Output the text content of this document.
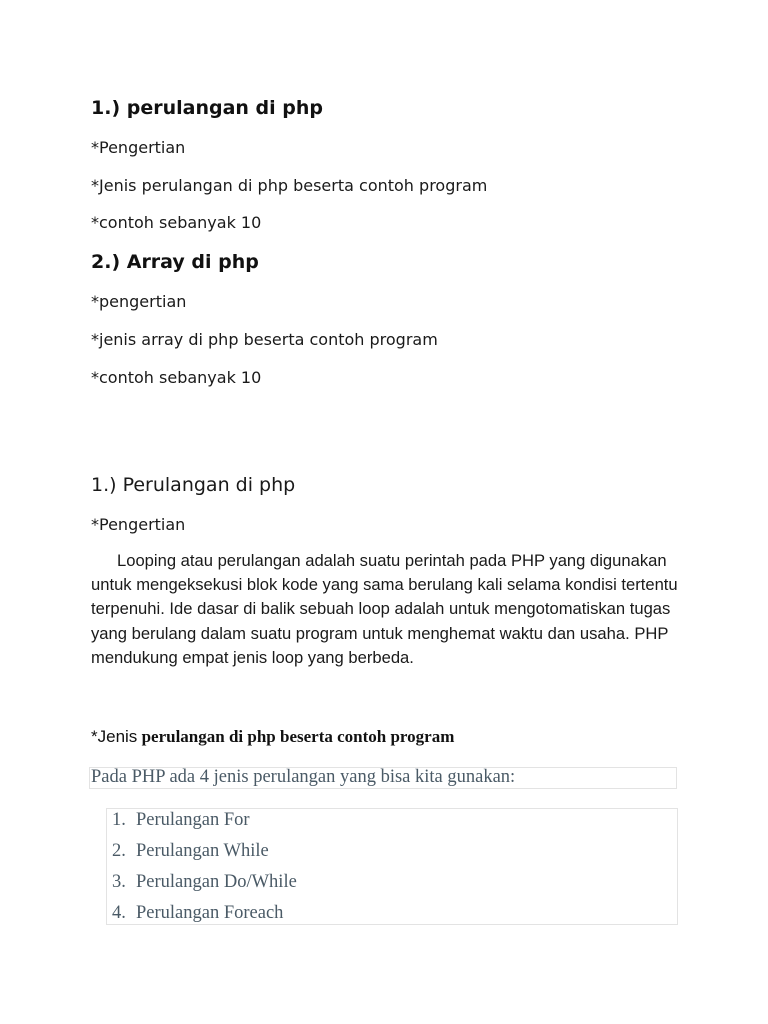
1.) perulangan di php

*Pengertian

*Jenis perulangan di php beserta contoh program

*contoh sebanyak 10

2.) Array di php

*pengertian

*jenis array di php beserta contoh program

*contoh sebanyak 10

1.) Perulangan di php

*Pengertian

Looping atau perulangan adalah suatu perintah pada PHP yang digunakan untuk mengeksekusi blok kode yang sama berulang kali selama kondisi tertentu terpenuhi. Ide dasar di balik sebuah loop adalah untuk mengotomatiskan tugas yang berulang dalam suatu program untuk menghemat waktu dan usaha. PHP mendukung empat jenis loop yang berbeda.

*Jenis perulangan di php beserta contoh program

Pada PHP ada 4 jenis perulangan yang bisa kita gunakan:

1. Perulangan For

2. Perulangan While

3. Perulangan Do/While

4. Perulangan Foreach
